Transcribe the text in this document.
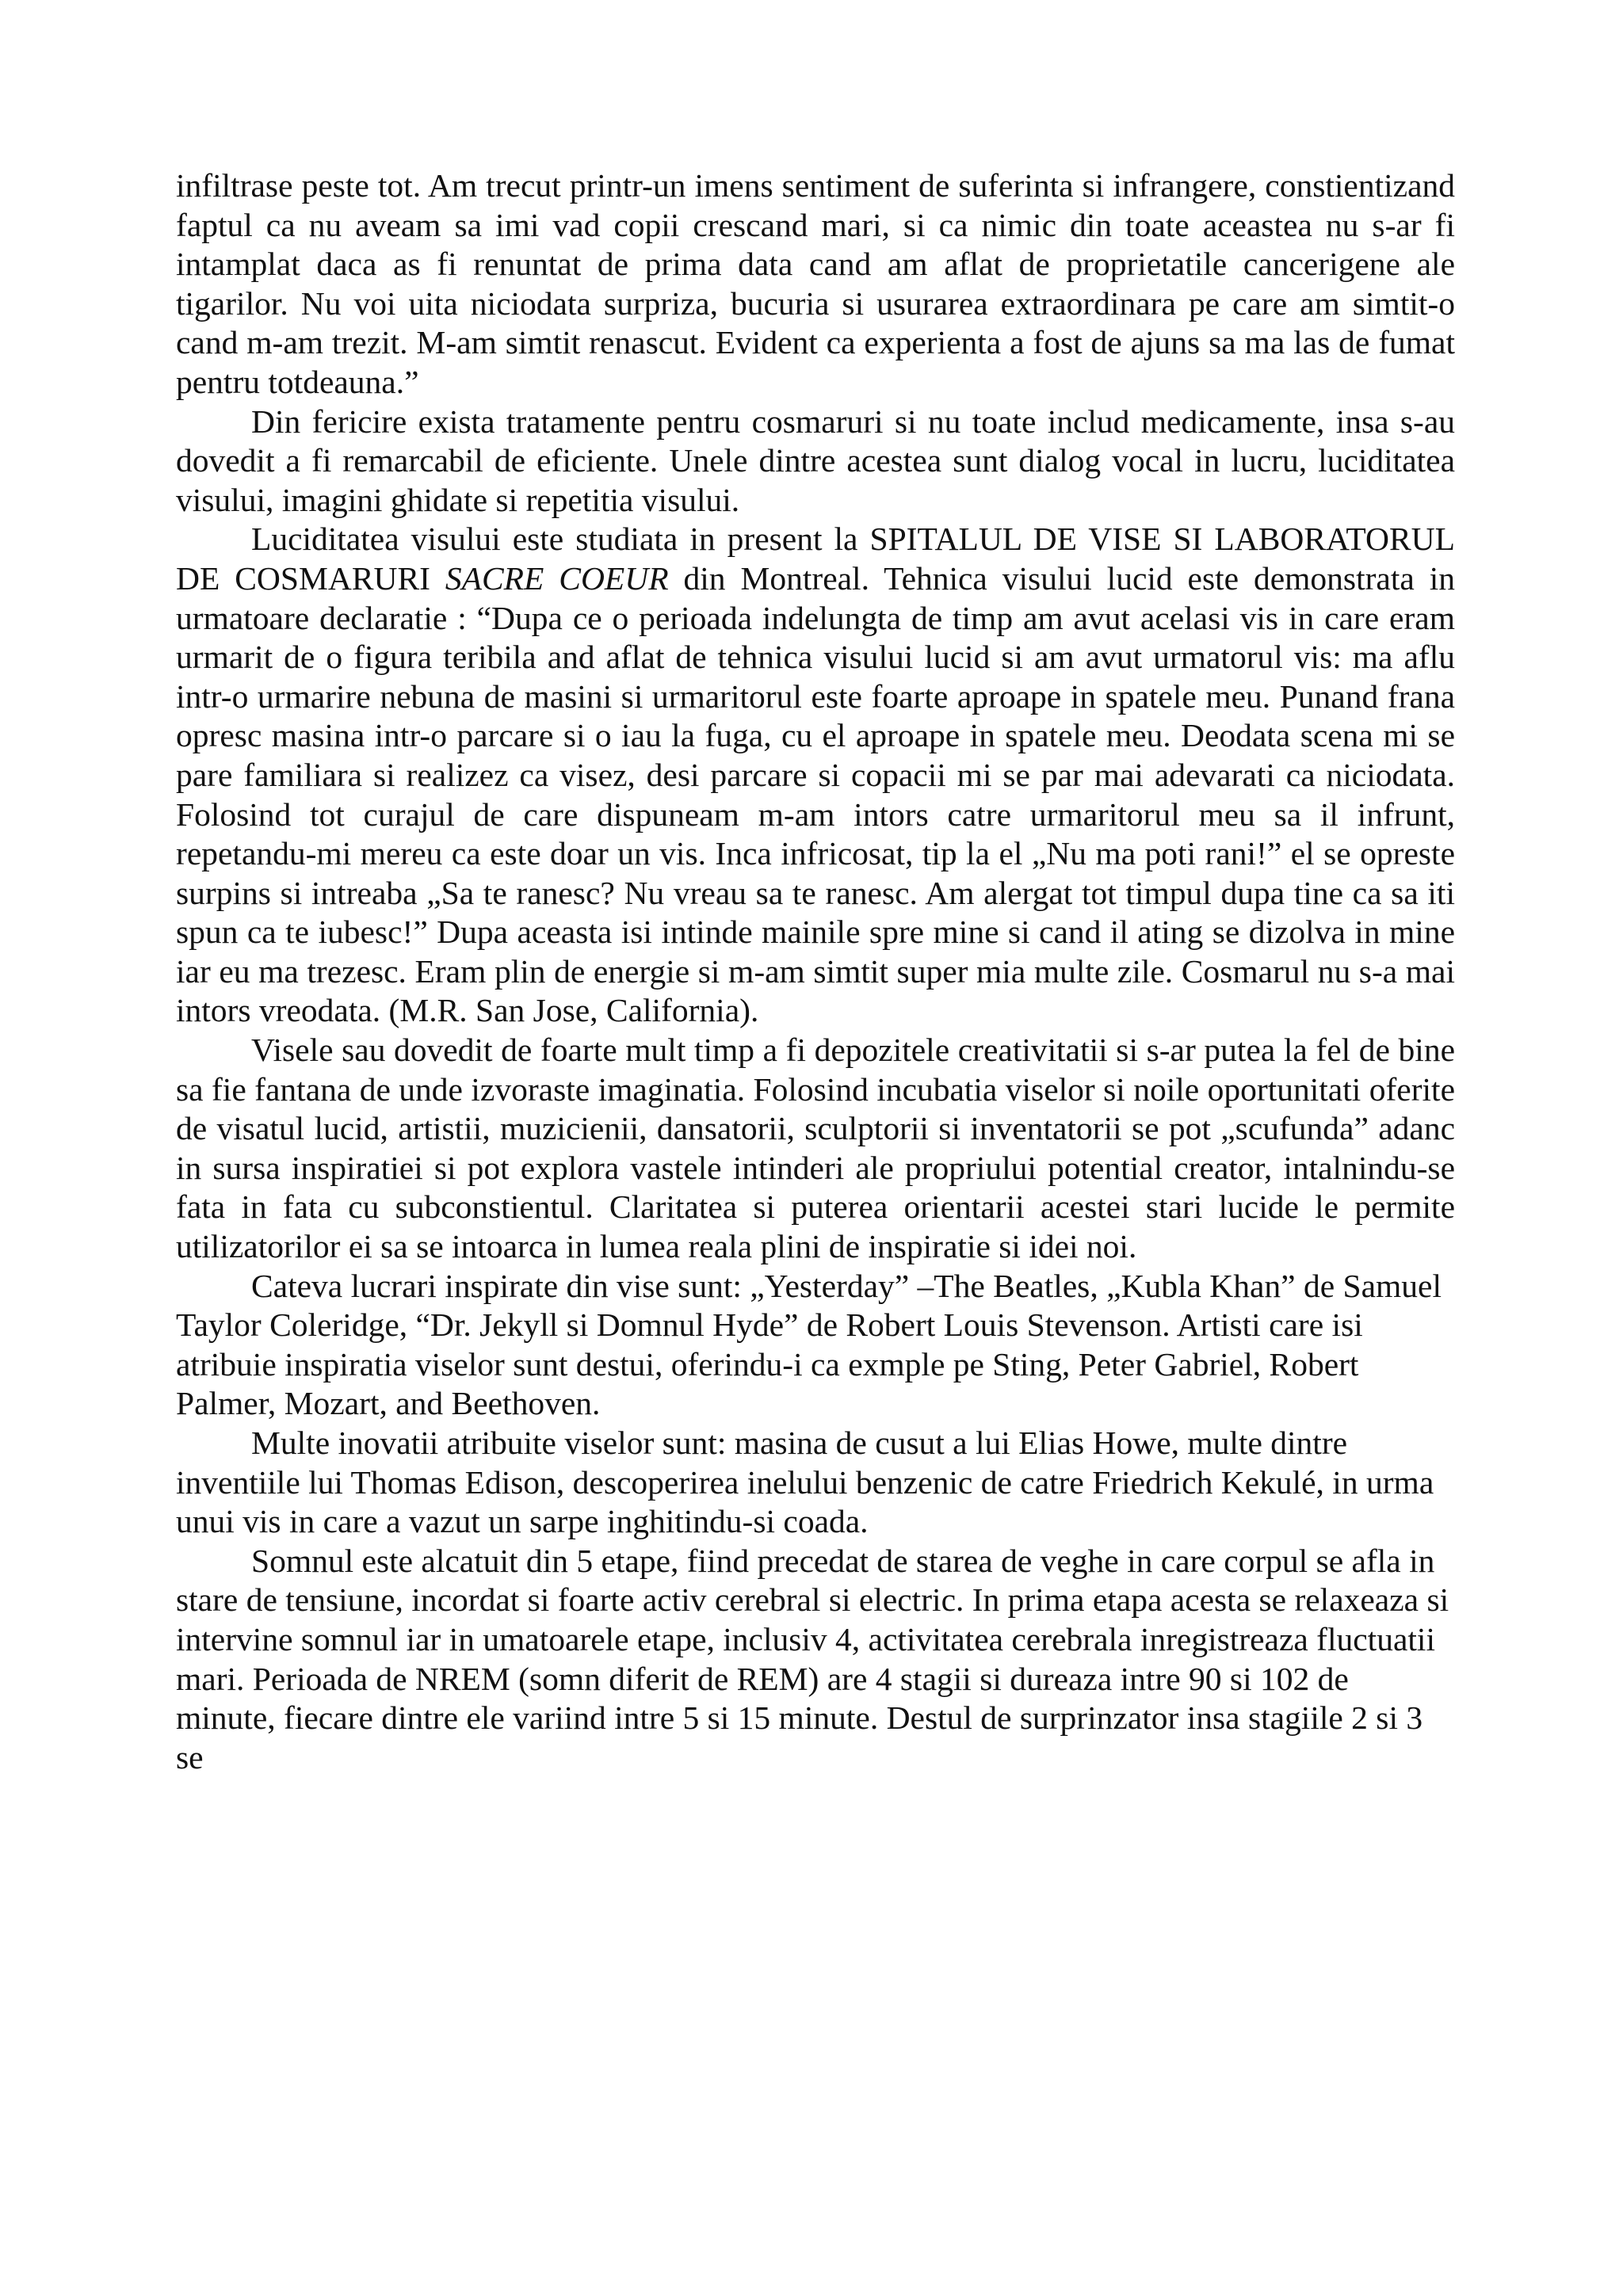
infiltrase peste tot. Am trecut printr-un imens sentiment de suferinta si infrangere, constientizand faptul ca nu aveam sa imi vad copii crescand mari, si ca nimic din toate aceastea nu s-ar fi intamplat daca as fi renuntat de prima data cand am aflat de proprietatile cancerigene ale tigarilor. Nu voi uita niciodata surpriza, bucuria si usurarea extraordinara pe care am simtit-o cand m-am trezit. M-am simtit renascut. Evident ca experienta a fost de ajuns sa ma las de fumat pentru totdeauna.”

Din fericire exista tratamente pentru cosmaruri si nu toate includ medicamente, insa s-au dovedit a fi remarcabil de eficiente. Unele dintre acestea sunt dialog vocal in lucru, luciditatea visului, imagini ghidate si repetitia visului.

Luciditatea visului este studiata in present la SPITALUL DE VISE SI LABORATORUL DE COSMARURI SACRE COEUR din Montreal. Tehnica visului lucid este demonstrata in urmatoare declaratie : “Dupa ce o perioada indelungta de timp am avut acelasi vis in care eram urmarit de o figura teribila and aflat de tehnica visului lucid si am avut urmatorul vis: ma aflu intr-o urmarire nebuna de masini si urmaritorul este foarte aproape in spatele meu. Punand frana opresc masina intr-o parcare si o iau la fuga, cu el aproape in spatele meu. Deodata scena mi se pare familiara si realizez ca visez, desi parcare si copacii mi se par mai adevarati ca niciodata. Folosind tot curajul de care dispuneam m-am intors catre urmaritorul meu sa il infrunt, repetandu-mi mereu ca este doar un vis. Inca infricosat, tip la el „Nu ma poti rani!” el se opreste surpins si intreaba „Sa te ranesc? Nu vreau sa te ranesc. Am alergat tot timpul dupa tine ca sa iti spun ca te iubesc!” Dupa aceasta isi intinde mainile spre mine si cand il ating se dizolva in mine iar eu ma trezesc. Eram plin de energie si m-am simtit super mia multe zile. Cosmarul nu s-a mai intors vreodata. (M.R. San Jose, California).

Visele sau dovedit de foarte mult timp a fi depozitele creativitatii si s-ar putea la fel de bine sa fie fantana de unde izvoraste imaginatia. Folosind incubatia viselor si noile oportunitati oferite de visatul lucid, artistii, muzicienii, dansatorii, sculptorii si inventatorii se pot „scufunda” adanc in sursa inspiratiei si pot explora vastele intinderi ale propriului potential creator, intalnindu-se fata in fata cu subconstientul. Claritatea si puterea orientarii acestei stari lucide le permite utilizatorilor ei sa se intoarca in lumea reala plini de inspiratie si idei noi.

Cateva lucrari inspirate din vise sunt: „Yesterday” –The Beatles, „Kubla Khan” de Samuel Taylor Coleridge, “Dr. Jekyll si Domnul Hyde” de Robert Louis Stevenson. Artisti care isi atribuie inspiratia viselor sunt destui, oferindu-i ca exmple pe Sting, Peter Gabriel, Robert Palmer, Mozart, and Beethoven.

Multe inovatii atribuite viselor sunt: masina de cusut a lui Elias Howe, multe dintre inventiile lui Thomas Edison, descoperirea inelului benzenic de catre Friedrich Kekulé, in urma unui vis in care a vazut un sarpe inghitindu-si coada.

Somnul este alcatuit din 5 etape, fiind precedat de starea de veghe in care corpul se afla in stare de tensiune, incordat si foarte activ cerebral si electric. In prima etapa acesta se relaxeaza si intervine somnul iar in umatoarele etape, inclusiv 4, activitatea cerebrala inregistreaza fluctuatii mari. Perioada de NREM (somn diferit de REM) are 4 stagii si dureaza intre 90 si 102 de minute, fiecare dintre ele variind intre 5 si 15 minute. Destul de surprinzator insa stagiile 2 si 3 se
